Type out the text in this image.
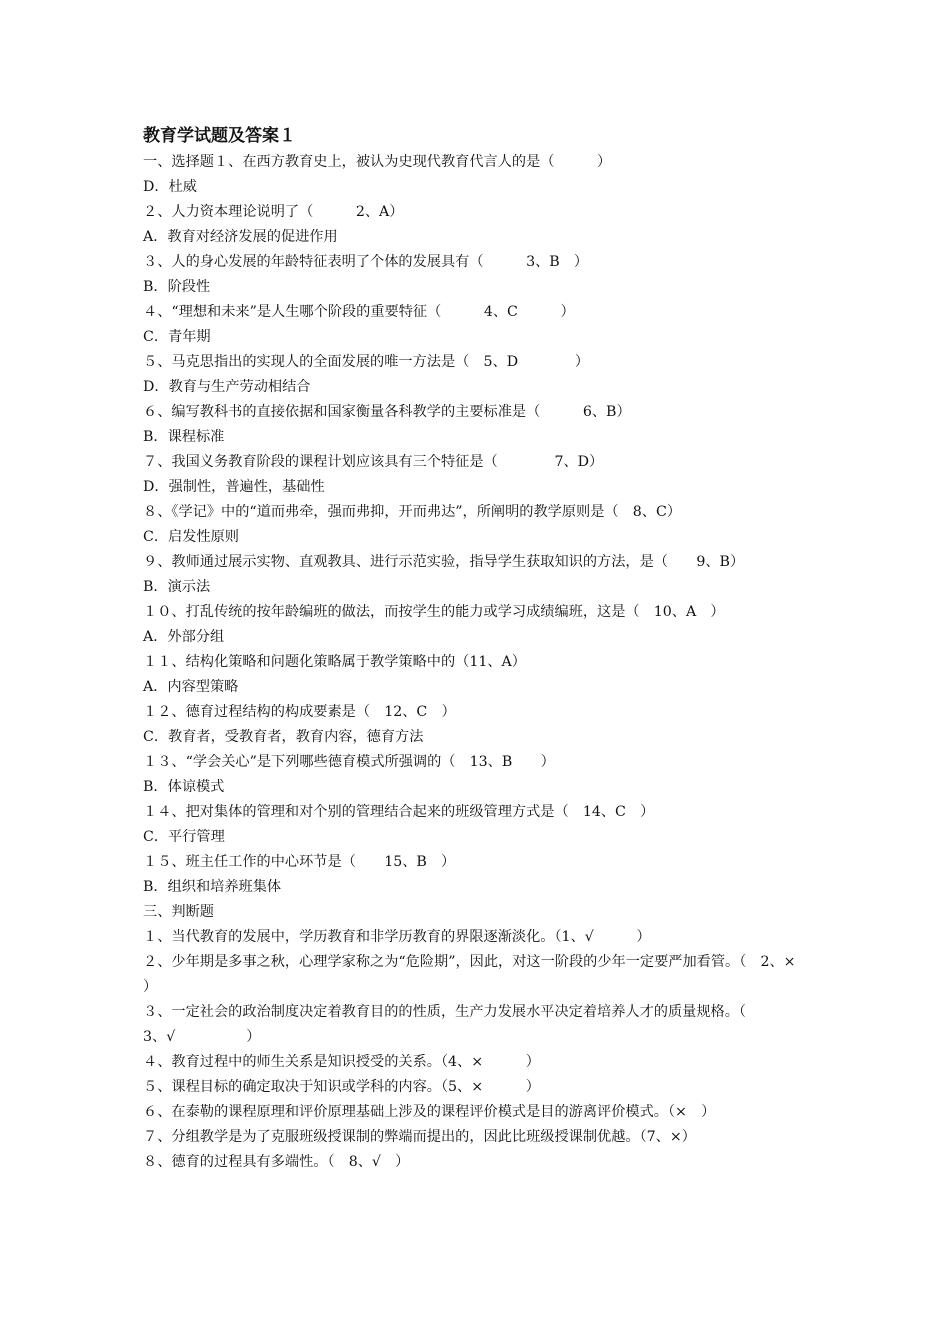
教育学试题及答案１
一、选择题１、在西方教育史上，被认为史现代教育代言人的是（　　　）
D．杜威
２、人力资本理论说明了（　　　2、A）
A．教育对经济发展的促进作用
３、人的身心发展的年龄特征表明了个体的发展具有（　　　3、B　）
B．阶段性
４、“理想和未来”是人生哪个阶段的重要特征（　　　4、C　　　）
C．青年期
５、马克思指出的实现人的全面发展的唯一方法是（　5、D　　　　）
D．教育与生产劳动相结合
６、编写教科书的直接依据和国家衡量各科教学的主要标准是（　　　6、B）
B．课程标准
７、我国义务教育阶段的课程计划应该具有三个特征是（　　　　7、D）
D．强制性，普遍性，基础性
８、《学记》中的“道而弗牵，强而弗抑，开而弗达”，所阐明的教学原则是（　8、C）
C．启发性原则
９、教师通过展示实物、直观教具、进行示范实验，指导学生获取知识的方法，是（　　9、B）
B．演示法
１０、打乱传统的按年龄编班的做法，而按学生的能力或学习成绩编班，这是（　10、A　）
A．外部分组
１１、结构化策略和问题化策略属于教学策略中的（11、A）
A．内容型策略
１２、德育过程结构的构成要素是（　12、C　）
C．教育者，受教育者，教育内容，德育方法
１３、“学会关心”是下列哪些德育模式所强调的（　13、B　　）
B．体谅模式
１４、把对集体的管理和对个别的管理结合起来的班级管理方式是（　14、C　）
C．平行管理
１５、班主任工作的中心环节是（　　15、B　）
B．组织和培养班集体
三、判断题
１、当代教育的发展中，学历教育和非学历教育的界限逐渐淡化。（1、√　　　）
２、少年期是多事之秋，心理学家称之为“危险期”，因此，对这一阶段的少年一定要严加看管。（　2、×　）
３、一定社会的政治制度决定着教育目的的性质，生产力发展水平决定着培养人才的质量规格。（　　　　　3、√　　　　　）
４、教育过程中的师生关系是知识授受的关系。（4、×　　　）
５、课程目标的确定取决于知识或学科的内容。（5、×　　　）
６、在泰勒的课程原理和评价原理基础上涉及的课程评价模式是目的游离评价模式。（×　）
７、分组教学是为了克服班级授课制的弊端而提出的，因此比班级授课制优越。（7、×）
８、德育的过程具有多端性。（　8、√　）
